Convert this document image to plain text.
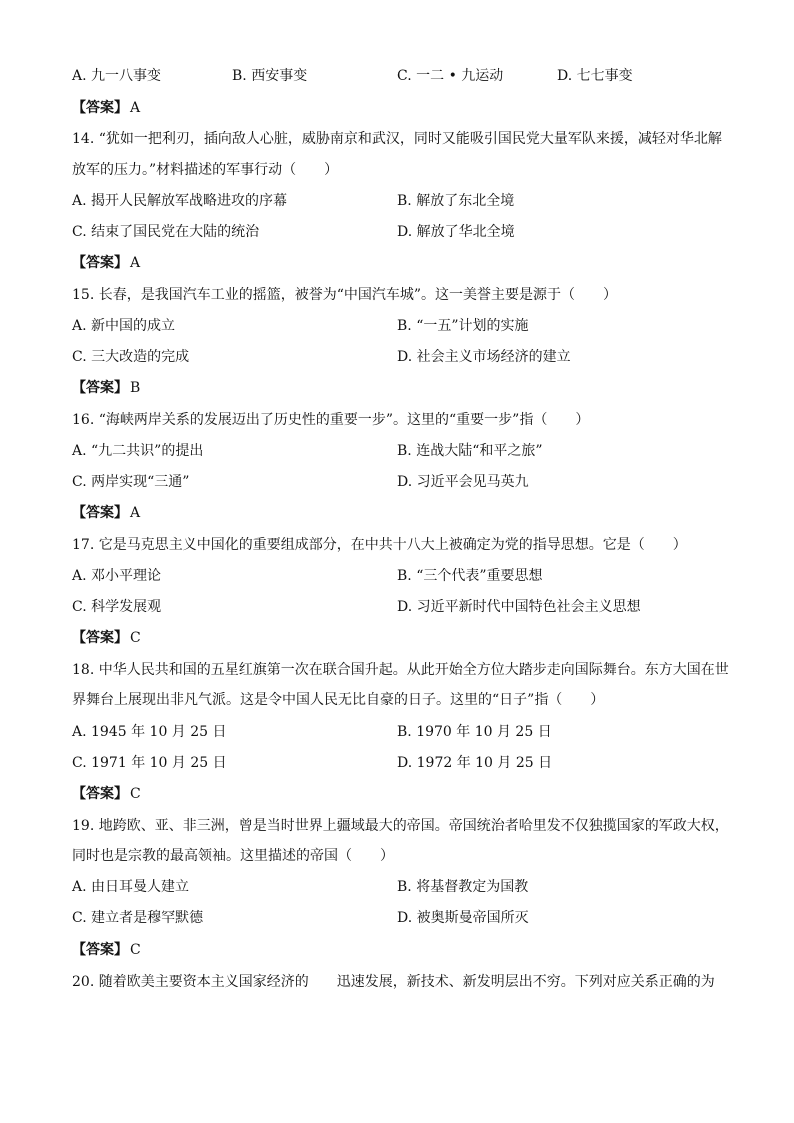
A. 九一八事变	B. 西安事变	C. 一二 • 九运动	D. 七七事变
【答案】 A
14. “犹如一把利刃，插向敌人心脏，威胁南京和武汉，同时又能吸引国民党大量军队来援，减轻对华北解
放军的压力。”材料描述的军事行动（　　）
A. 揭开人民解放军战略进攻的序幕	B. 解放了东北全境
C. 结束了国民党在大陆的统治	D. 解放了华北全境
【答案】 A
15. 长春，是我国汽车工业的摇篮，被誉为“中国汽车城”。这一美誉主要是源于（　　）
A. 新中国的成立	B. “一五”计划的实施
C. 三大改造的完成	D. 社会主义市场经济的建立
【答案】 B
16. “海峡两岸关系的发展迈出了历史性的重要一步”。这里的“重要一步”指（　　）
A. “九二共识”的提出	B. 连战大陆“和平之旅”
C. 两岸实现“三通”	D. 习近平会见马英九
【答案】 A
17. 它是马克思主义中国化的重要组成部分，在中共十八大上被确定为党的指导思想。它是（　　）
A. 邓小平理论	B. “三个代表”重要思想
C. 科学发展观	D. 习近平新时代中国特色社会主义思想
【答案】 C
18. 中华人民共和国的五星红旗第一次在联合国升起。从此开始全方位大踏步走向国际舞台。东方大国在世
界舞台上展现出非凡气派。这是令中国人民无比自豪的日子。这里的“日子”指（　　）
A. 1945 年 10 月 25 日	B. 1970 年 10 月 25 日
C. 1971 年 10 月 25 日	D. 1972 年 10 月 25 日
【答案】 C
19. 地跨欧、亚、非三洲，曾是当时世界上疆域最大的帝国。帝国统治者哈里发不仅独揽国家的军政大权，
同时也是宗教的最高领袖。这里描述的帝国（　　）
A. 由日耳曼人建立	B. 将基督教定为国教
C. 建立者是穆罕默德	D. 被奥斯曼帝国所灭
【答案】 C
20. 随着欧美主要资本主义国家经济的　　迅速发展，新技术、新发明层出不穷。下列对应关系正确的为
